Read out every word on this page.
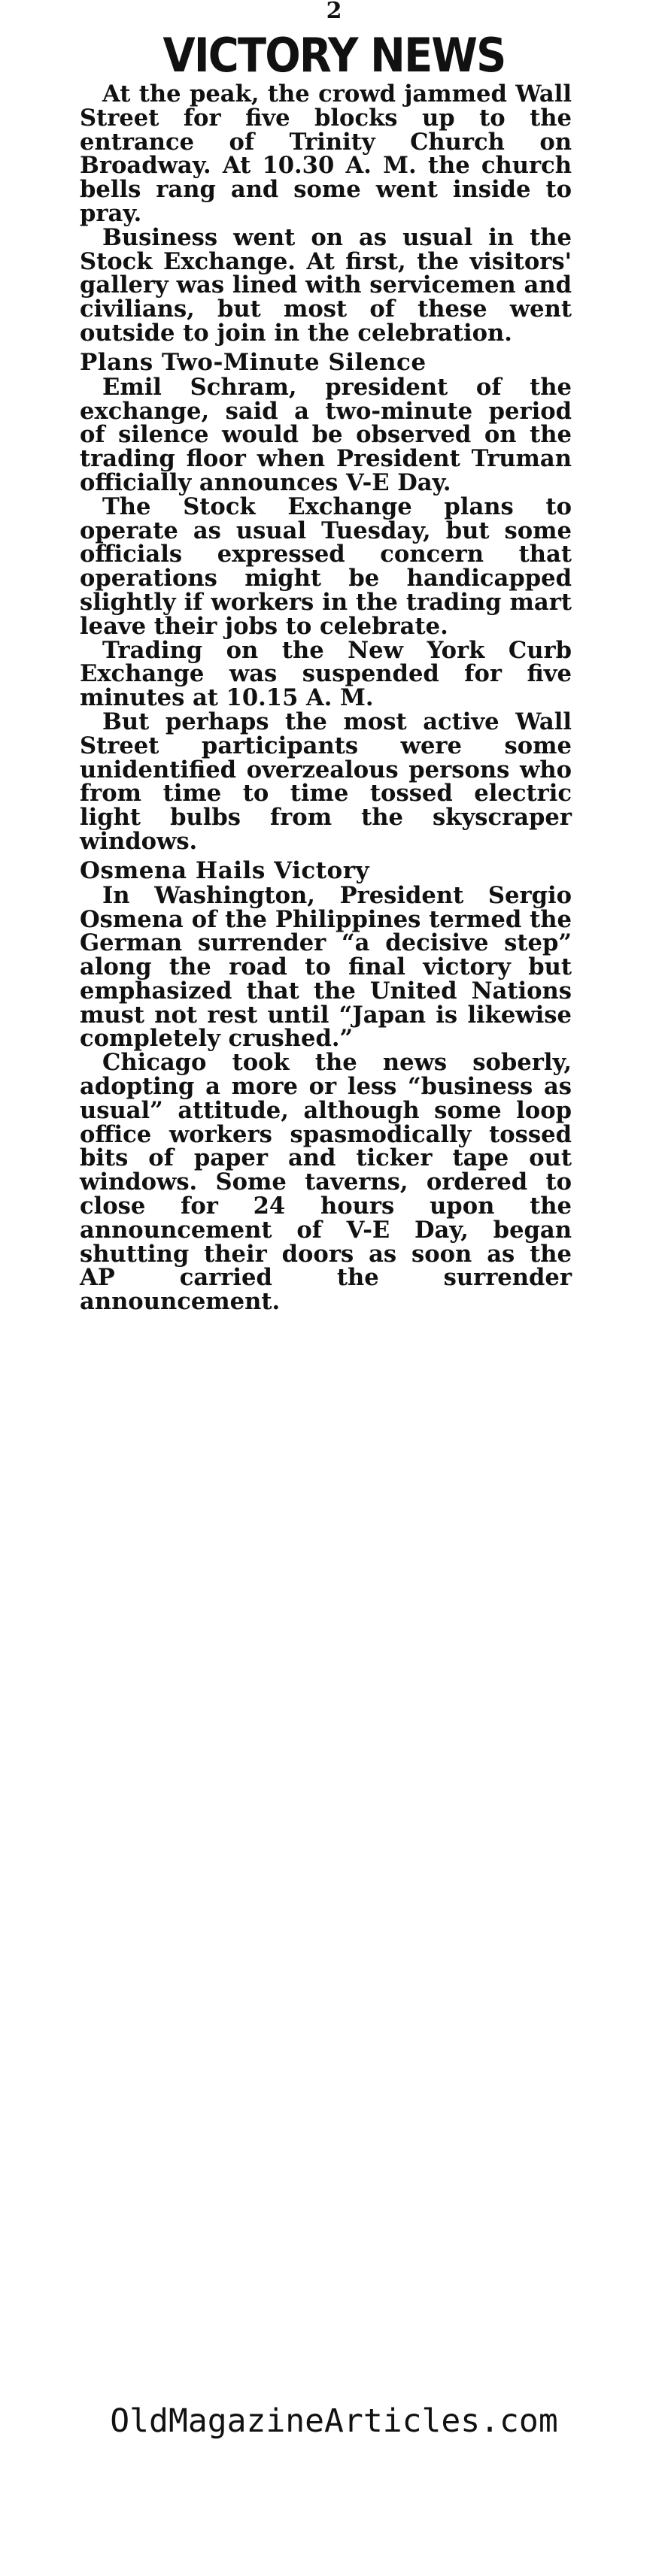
2
VICTORY NEWS

At the peak, the crowd jammed Wall Street for five blocks up to the entrance of Trinity Church on Broadway. At 10.30 A. M. the church bells rang and some went inside to pray.

Business went on as usual in the Stock Exchange. At first, the visitors' gallery was lined with servicemen and civilians, but most of these went outside to join in the celebration.

Plans Two-Minute Silence

Emil Schram, president of the exchange, said a two-minute period of silence would be observed on the trading floor when President Truman officially announces V-E Day.

The Stock Exchange plans to operate as usual Tuesday, but some officials expressed concern that operations might be handicapped slightly if workers in the trading mart leave their jobs to celebrate.

Trading on the New York Curb Exchange was suspended for five minutes at 10.15 A. M.

But perhaps the most active Wall Street participants were some unidentified overzealous persons who from time to time tossed electric light bulbs from the skyscraper windows.

Osmena Hails Victory

In Washington, President Sergio Osmena of the Philippines termed the German surrender “a decisive step” along the road to final victory but emphasized that the United Nations must not rest until “Japan is likewise completely crushed.”

Chicago took the news soberly, adopting a more or less “business as usual” attitude, although some loop office workers spasmodically tossed bits of paper and ticker tape out windows. Some taverns, ordered to close for 24 hours upon the announcement of V-E Day, began shutting their doors as soon as the AP carried the surrender announcement.

OldMagazineArticles.com
